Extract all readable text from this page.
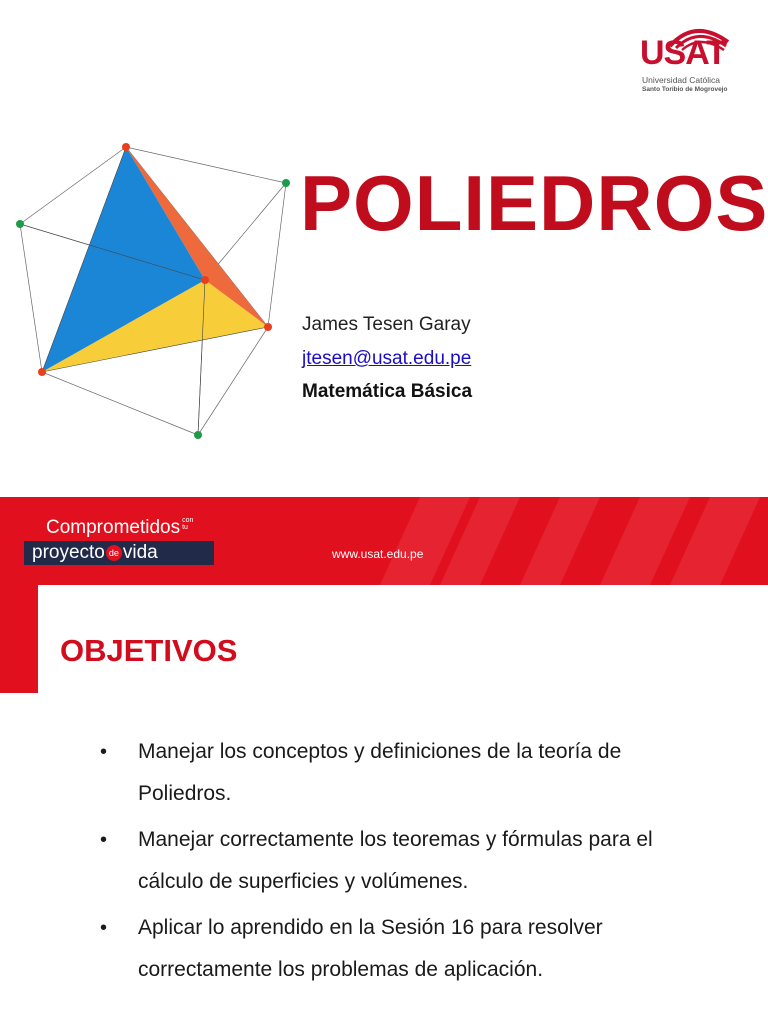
USAT
Universidad Católica
Santo Toribio de Mogrovejo
POLIEDROS
James Tesen Garay
jtesen@usat.edu.pe
Matemática Básica
Comprometidos con
tu
proyecto de vida	www.usat.edu.pe
OBJETIVOS
• Manejar los conceptos y definiciones de la teoría de Poliedros.
• Manejar correctamente los teoremas y fórmulas para el cálculo de superficies y volúmenes.
• Aplicar lo aprendido en la Sesión 16 para resolver correctamente los problemas de aplicación.
